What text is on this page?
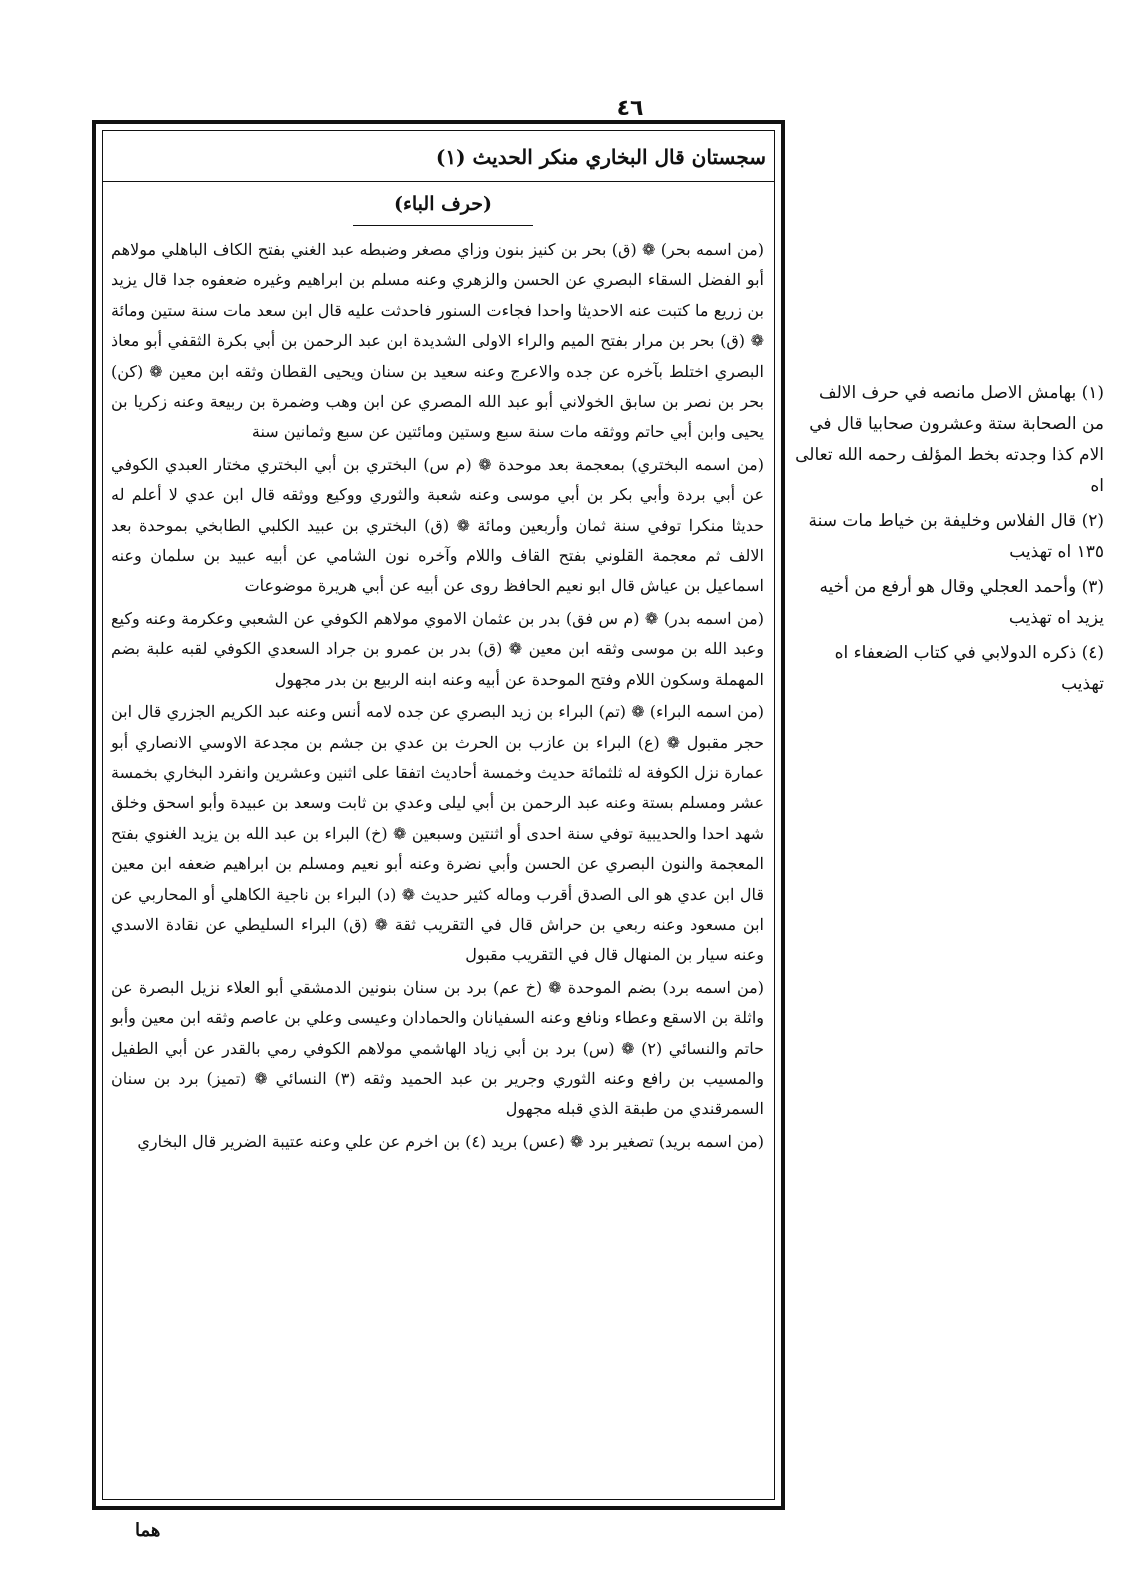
٤٦
سجستان قال البخاري منكر الحديث (١)
(حرف الباء)

(من اسمه بحر) ❁ (ق) بحر بن كنيز بنون وزاي مصغر وضبطه عبد الغني بفتح الكاف الباهلي مولاهم أبو الفضل السقاء البصري عن الحسن والزهري وعنه مسلم بن ابراهيم وغيره ضعفوه جدا قال يزيد بن زريع ما كتبت عنه الاحديثا واحدا فجاءت السنور فاحدثت عليه قال ابن سعد مات سنة ستين ومائة ❁ (ق) بحر بن مرار بفتح الميم والراء الاولى الشديدة ابن عبد الرحمن بن أبي بكرة الثقفي أبو معاذ البصري اختلط بآخره عن جده والاعرج وعنه سعيد بن سنان ويحيى القطان وثقه ابن معين ❁ (كن) بحر بن نصر بن سابق الخولاني أبو عبد الله المصري عن ابن وهب وضمرة بن ربيعة وعنه زكريا بن يحيى وابن أبي حاتم ووثقه مات سنة سبع وستين ومائتين عن سبع وثمانين سنة

(من اسمه البختري) بمعجمة بعد موحدة ❁ (م س) البختري بن أبي البختري مختار العبدي الكوفي عن أبي بردة وأبي بكر بن أبي موسى وعنه شعبة والثوري ووكيع ووثقه قال ابن عدي لا أعلم له حديثا منكرا توفي سنة ثمان وأربعين ومائة ❁ (ق) البختري بن عبيد الكلبي الطابخي بموحدة بعد الالف ثم معجمة القلوني بفتح القاف واللام وآخره نون الشامي عن أبيه عبيد بن سلمان وعنه اسماعيل بن عياش قال ابو نعيم الحافظ روى عن أبيه عن أبي هريرة موضوعات

(من اسمه بدر) ❁ (م س فق) بدر بن عثمان الاموي مولاهم الكوفي عن الشعبي وعكرمة وعنه وكيع وعبد الله بن موسى وثقه ابن معين ❁ (ق) بدر بن عمرو بن جراد السعدي الكوفي لقبه علبة بضم المهملة وسكون اللام وفتح الموحدة عن أبيه وعنه ابنه الربيع بن بدر مجهول

(من اسمه البراء) ❁ (تم) البراء بن زيد البصري عن جده لامه أنس وعنه عبد الكريم الجزري قال ابن حجر مقبول ❁ (ع) البراء بن عازب بن الحرث بن عدي بن جشم بن مجدعة الاوسي الانصاري أبو عمارة نزل الكوفة له ثلثمائة حديث وخمسة أحاديث اتفقا على اثنين وعشرين وانفرد البخاري بخمسة عشر ومسلم بستة وعنه عبد الرحمن بن أبي ليلى وعدي بن ثابت وسعد بن عبيدة وأبو اسحق وخلق شهد احدا والحديبية توفي سنة احدى أو اثنتين وسبعين ❁ (خ) البراء بن عبد الله بن يزيد الغنوي بفتح المعجمة والنون البصري عن الحسن وأبي نضرة وعنه أبو نعيم ومسلم بن ابراهيم ضعفه ابن معين قال ابن عدي هو الى الصدق أقرب وماله كثير حديث ❁ (د) البراء بن ناجية الكاهلي أو المحاربي عن ابن مسعود وعنه ربعي بن حراش قال في التقريب ثقة ❁ (ق) البراء السليطي عن نقادة الاسدي وعنه سيار بن المنهال قال في التقريب مقبول

(من اسمه برد) بضم الموحدة ❁ (خ عم) برد بن سنان بنونين الدمشقي أبو العلاء نزيل البصرة عن واثلة بن الاسقع وعطاء ونافع وعنه السفيانان والحمادان وعيسى وعلي بن عاصم وثقه ابن معين وأبو حاتم والنسائي (٢) ❁ (س) برد بن أبي زياد الهاشمي مولاهم الكوفي رمي بالقدر عن أبي الطفيل والمسيب بن رافع وعنه الثوري وجرير بن عبد الحميد وثقه (٣) النسائي ❁ (تميز) برد بن سنان السمرقندي من طبقة الذي قبله مجهول

(من اسمه بريد) تصغير برد ❁ (عس) بريد (٤) بن اخرم عن علي وعنه عتيبة الضرير قال البخاري

(١) بهامش الاصل مانصه في حرف الالف من الصحابة ستة وعشرون صحابيا قال في الام كذا وجدته بخط المؤلف رحمه الله تعالى اه

(٢) قال الفلاس وخليفة بن خياط مات سنة ١٣٥ اه تهذيب

(٣) وأحمد العجلي وقال هو أرفع من أخيه يزيد اه تهذيب

(٤) ذكره الدولابي في كتاب الضعفاء اه تهذيب

هما
